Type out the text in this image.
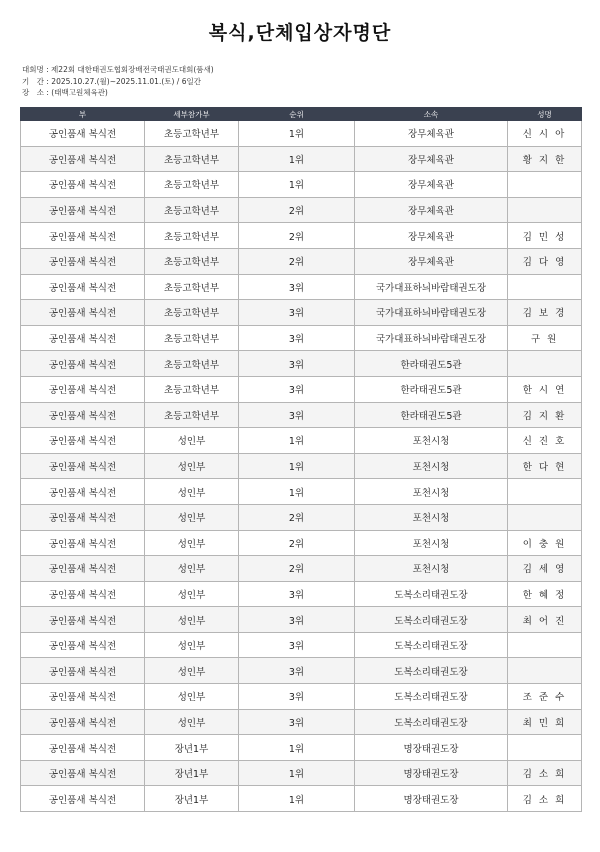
복식,단체입상자명단
대회명 : 제22회 대한태권도협회장배전국태권도대회(품새)
기　간 : 2025.10.27.(월)~2025.11.01.(토) / 6일간
장　소 : (태백고원체육관)
부	세부참가부	순위	소속	성명
공인품새 복식전	초등고학년부	1위	장무체육관	신 시 아
공인품새 복식전	초등고학년부	1위	장무체육관	황 지 한
공인품새 복식전	초등고학년부	1위	장무체육관	
공인품새 복식전	초등고학년부	2위	장무체육관	
공인품새 복식전	초등고학년부	2위	장무체육관	김 민 성
공인품새 복식전	초등고학년부	2위	장무체육관	김 다 영
공인품새 복식전	초등고학년부	3위	국가대표하늬바람태권도장	
공인품새 복식전	초등고학년부	3위	국가대표하늬바람태권도장	김 보 경
공인품새 복식전	초등고학년부	3위	국가대표하늬바람태권도장	구 원
공인품새 복식전	초등고학년부	3위	한라태권도5관	
공인품새 복식전	초등고학년부	3위	한라태권도5관	한 시 연
공인품새 복식전	초등고학년부	3위	한라태권도5관	김 지 환
공인품새 복식전	성인부	1위	포천시청	신 진 호
공인품새 복식전	성인부	1위	포천시청	한 다 현
공인품새 복식전	성인부	1위	포천시청	
공인품새 복식전	성인부	2위	포천시청	
공인품새 복식전	성인부	2위	포천시청	이 충 원
공인품새 복식전	성인부	2위	포천시청	김 세 영
공인품새 복식전	성인부	3위	도복소리태권도장	한 혜 정
공인품새 복식전	성인부	3위	도복소리태권도장	최 어 진
공인품새 복식전	성인부	3위	도복소리태권도장	
공인품새 복식전	성인부	3위	도복소리태권도장	
공인품새 복식전	성인부	3위	도복소리태권도장	조 준 수
공인품새 복식전	성인부	3위	도복소리태권도장	최 민 희
공인품새 복식전	장년1부	1위	명장태권도장	
공인품새 복식전	장년1부	1위	명장태권도장	김 소 희
공인품새 복식전	장년1부	1위	명장태권도장	김 소 희
